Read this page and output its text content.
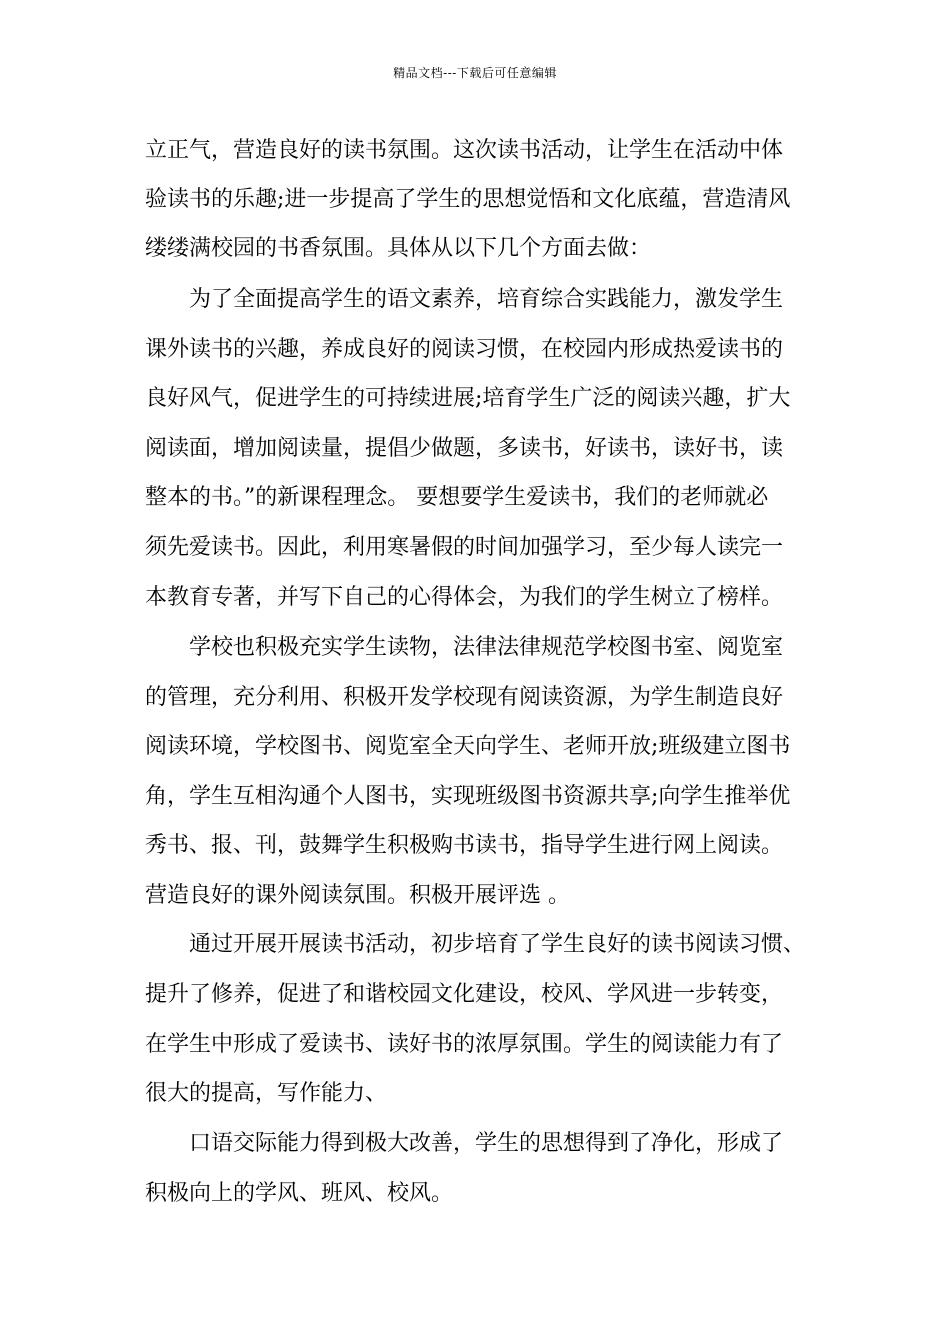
精品文档---下载后可任意编辑
立正气，营造良好的读书氛围。这次读书活动，让学生在活动中体
验读书的乐趣;进一步提高了学生的思想觉悟和文化底蕴，营造清风
缕缕满校园的书香氛围。具体从以下几个方面去做：
为了全面提高学生的语文素养，培育综合实践能力，激发学生
课外读书的兴趣，养成良好的阅读习惯，在校园内形成热爱读书的
良好风气，促进学生的可持续进展;培育学生广泛的阅读兴趣，扩大
阅读面，增加阅读量，提倡少做题，多读书，好读书，读好书，读
整本的书。”的新课程理念。 要想要学生爱读书，我们的老师就必
须先爱读书。因此，利用寒暑假的时间加强学习，至少每人读完一
本教育专著，并写下自己的心得体会，为我们的学生树立了榜样。
学校也积极充实学生读物，法律法律规范学校图书室、阅览室
的管理，充分利用、积极开发学校现有阅读资源，为学生制造良好
阅读环境，学校图书、阅览室全天向学生、老师开放;班级建立图书
角，学生互相沟通个人图书，实现班级图书资源共享;向学生推举优
秀书、报、刊，鼓舞学生积极购书读书，指导学生进行网上阅读。
营造良好的课外阅读氛围。积极开展评选 。
通过开展开展读书活动，初步培育了学生良好的读书阅读习惯、
提升了修养，促进了和谐校园文化建设，校风、学风进一步转变，
在学生中形成了爱读书、读好书的浓厚氛围。学生的阅读能力有了
很大的提高，写作能力、
口语交际能力得到极大改善，学生的思想得到了净化，形成了
积极向上的学风、班风、校风。
